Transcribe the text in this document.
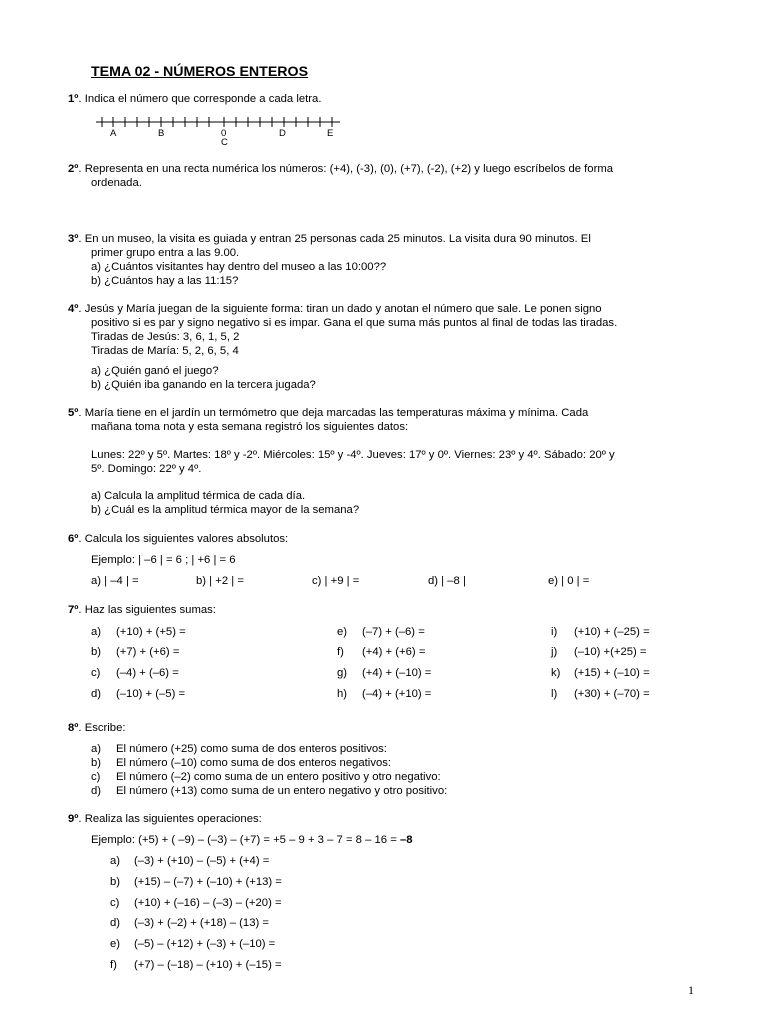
TEMA 02 - NÚMEROS ENTEROS
1º. Indica el número que corresponde a cada letra.
A	B	0
C
D	E
2º. Representa en una recta numérica los números: (+4), (-3), (0), (+7), (-2), (+2) y luego escríbelos de forma
ordenada.
3º. En un museo, la visita es guiada y entran 25 personas cada 25 minutos. La visita dura 90 minutos. El
primer grupo entra a las 9.00.
a) ¿Cuántos visitantes hay dentro del museo a las 10:00??
b) ¿Cuántos hay a las 11:15?
4º. Jesús y María juegan de la siguiente forma: tiran un dado y anotan el número que sale. Le ponen signo
positivo si es par y signo negativo si es impar. Gana el que suma más puntos al final de todas las tiradas.
Tiradas de Jesús: 3, 6, 1, 5, 2
Tiradas de María: 5, 2, 6, 5, 4
a) ¿Quién ganó el juego?
b) ¿Quién iba ganando en la tercera jugada?
5º. María tiene en el jardín un termómetro que deja marcadas las temperaturas máxima y mínima. Cada
mañana toma nota y esta semana registró los siguientes datos:
Lunes: 22º y 5º. Martes: 18º y -2º. Miércoles: 15º y -4º. Jueves: 17º y 0º. Viernes: 23º y 4º. Sábado: 20º y
5º. Domingo: 22º y 4º.
a) Calcula la amplitud térmica de cada día.
b) ¿Cuál es la amplitud térmica mayor de la semana?
6º. Calcula los siguientes valores absolutos:
Ejemplo: | –6 | = 6 ; | +6 | = 6
a) | –4 | =	b) | +2 | =	c) | +9 | =	d) | –8 |	e) | 0 | =
7º. Haz las siguientes sumas:
a) (+10) + (+5) =
b) (+7) + (+6) =
c) (–4) + (–6) =
d) (–10) + (–5) =
e) (–7) + (–6) =
f) (+4) + (+6) =
g) (+4) + (–10) =
h) (–4) + (+10) =
i) (+10) + (–25) =
j) (–10) +(+25) =
k) (+15) + (–10) =
l) (+30) + (–70) =
8º. Escribe:
a) El número (+25) como suma de dos enteros positivos:
b) El número (–10) como suma de dos enteros negativos:
c) El número (–2) como suma de un entero positivo y otro negativo:
d) El número (+13) como suma de un entero negativo y otro positivo:
9º. Realiza las siguientes operaciones:
Ejemplo: (+5) + ( –9) – (–3) – (+7) = +5 – 9 + 3 – 7 = 8 – 16 = –8
a) (–3) + (+10) – (–5) + (+4) =
b) (+15) – (–7) + (–10) + (+13) =
c) (+10) + (–16) – (–3) – (+20) =
d) (–3) + (–2) + (+18) – (13) =
e) (–5) – (+12) + (–3) + (–10) =
f) (+7) – (–18) – (+10) + (–15) =
1
